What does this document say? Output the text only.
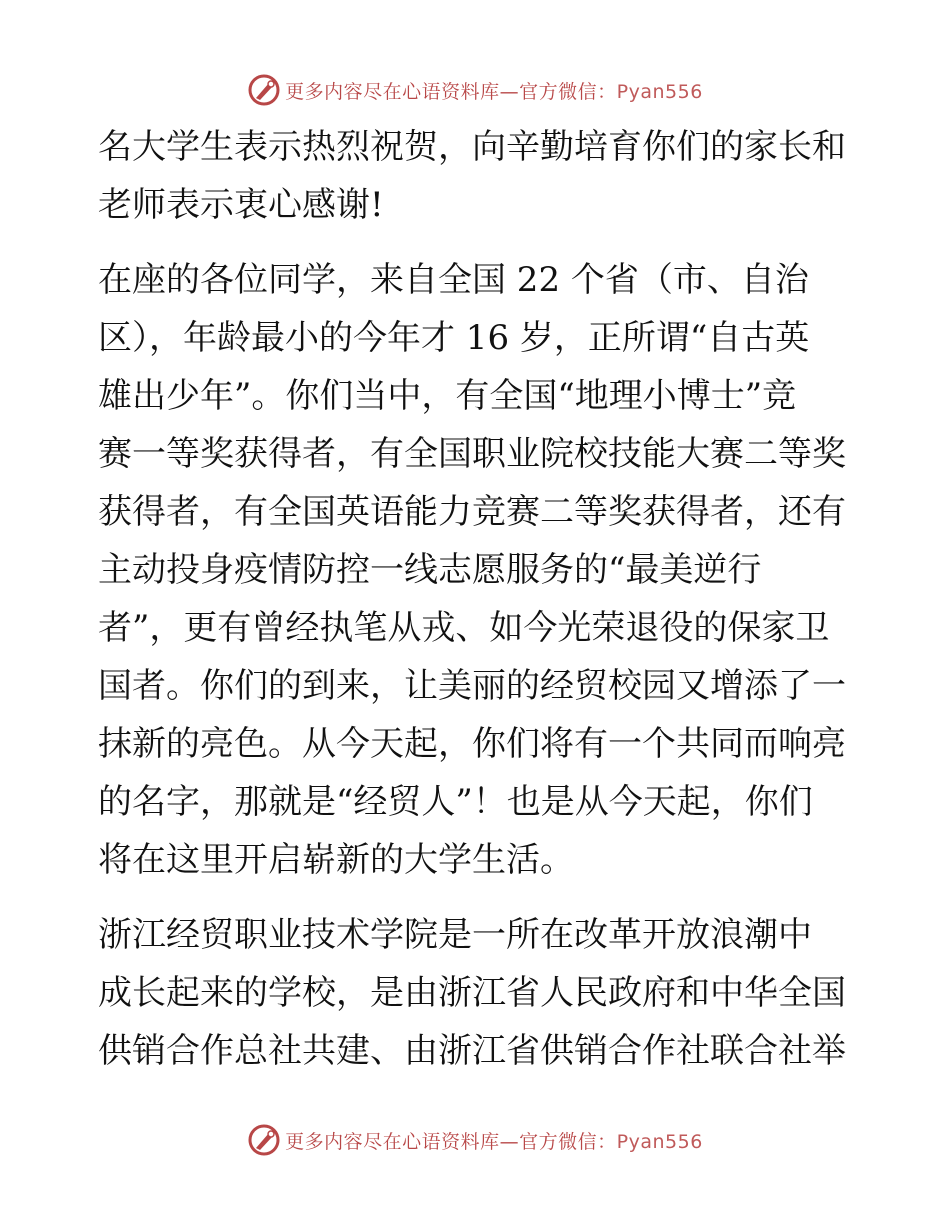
更多内容尽在心语资料库—官方微信：Pyan556
名大学生表示热烈祝贺，向辛勤培育你们的家长和
老师表示衷心感谢!
在座的各位同学，来自全国 22 个省（市、自治
区），年龄最小的今年才 16 岁，正所谓“自古英
雄出少年”。你们当中，有全国“地理小博士”竞
赛一等奖获得者，有全国职业院校技能大赛二等奖
获得者，有全国英语能力竞赛二等奖获得者，还有
主动投身疫情防控一线志愿服务的“最美逆行
者”，更有曾经执笔从戎、如今光荣退役的保家卫
国者。你们的到来，让美丽的经贸校园又增添了一
抹新的亮色。从今天起，你们将有一个共同而响亮
的名字，那就是“经贸人”！也是从今天起，你们
将在这里开启崭新的大学生活。
浙江经贸职业技术学院是一所在改革开放浪潮中
成长起来的学校，是由浙江省人民政府和中华全国
供销合作总社共建、由浙江省供销合作社联合社举
更多内容尽在心语资料库—官方微信：Pyan556
